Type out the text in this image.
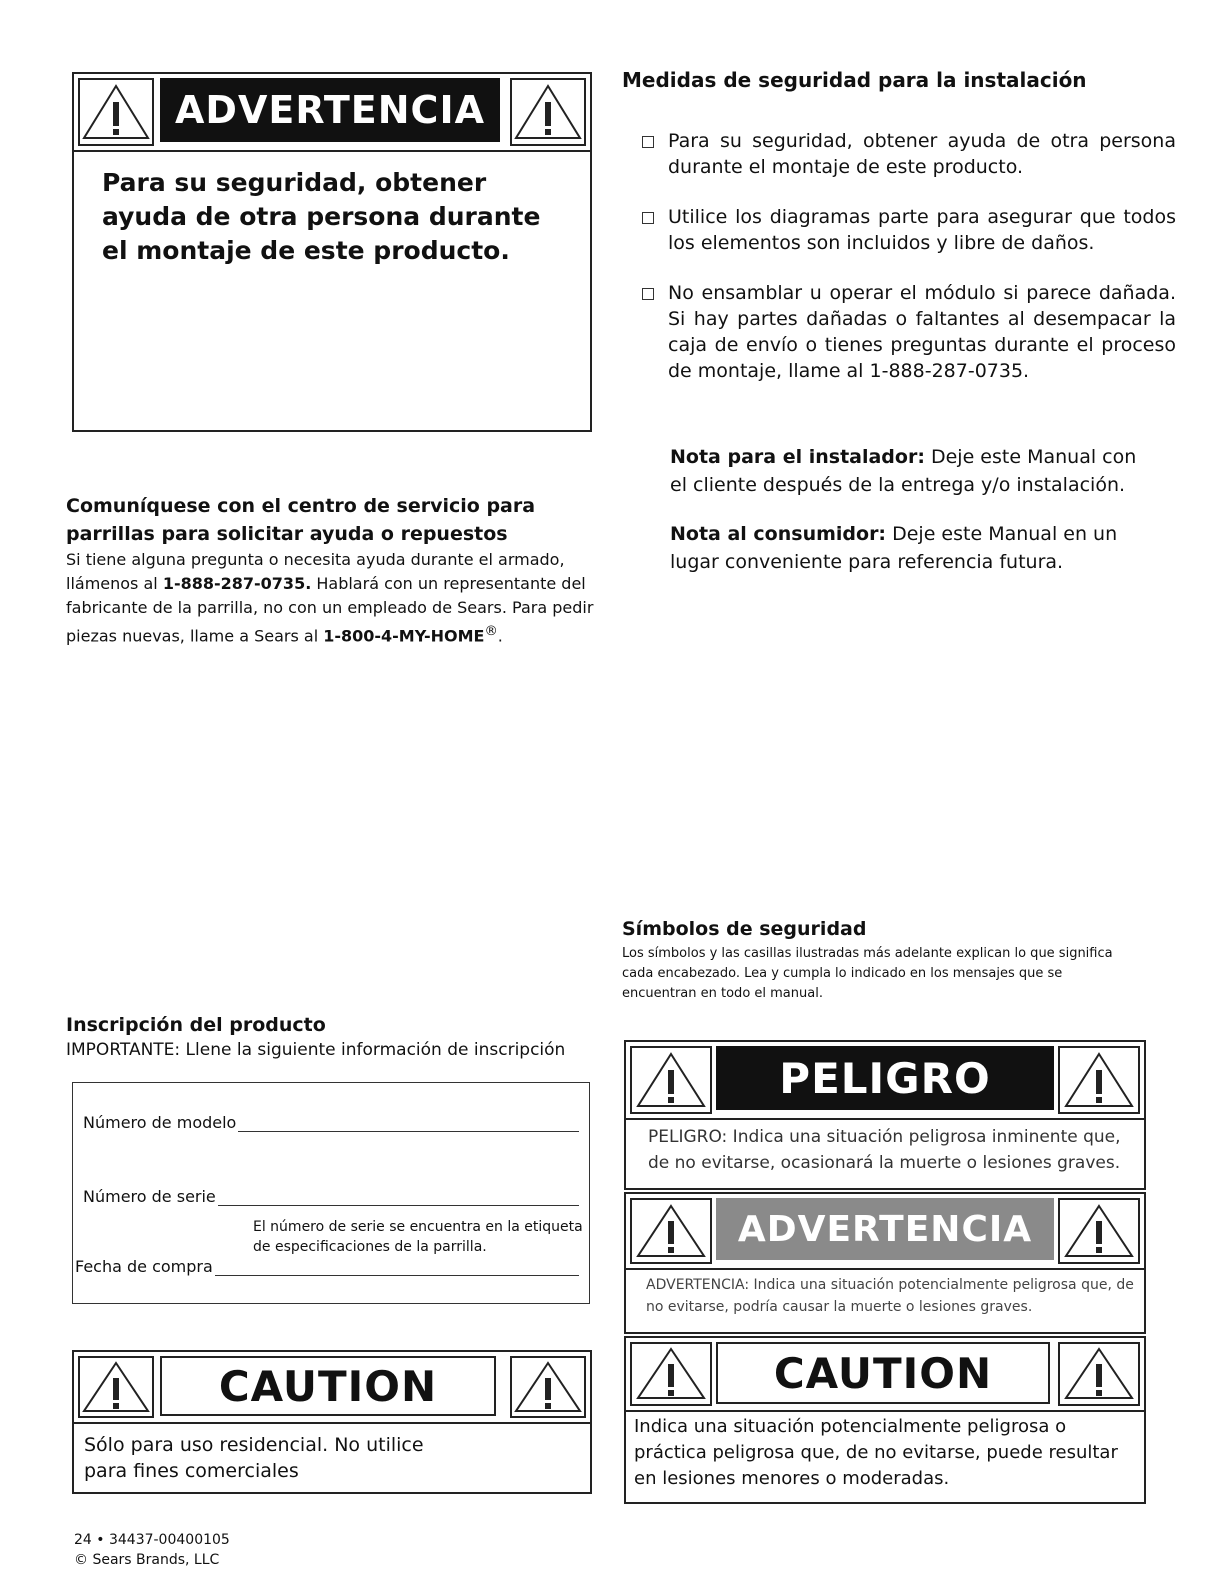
ADVERTENCIA

Para su seguridad, obtener ayuda de otra persona durante el montaje de este producto.

Medidas de seguridad para la instalación
Para su seguridad, obtener ayuda de otra persona durante el montaje de este producto.
Utilice los diagramas parte para asegurar que todos los elementos son incluidos y libre de daños.
No ensamblar u operar el módulo si parece dañada. Si hay partes dañadas o faltantes al desempacar la caja de envío o tienes preguntas durante el proceso de montaje, llame al 1-888-287-0735.

Nota para el instalador: Deje este Manual con el cliente después de la entrega y/o instalación.

Nota al consumidor: Deje este Manual en un lugar conveniente para referencia futura.

Comuníquese con el centro de servicio para parrillas para solicitar ayuda o repuestos

Si tiene alguna pregunta o necesita ayuda durante el armado, llámenos al 1-888-287-0735. Hablará con un representante del fabricante de la parrilla, no con un empleado de Sears. Para pedir piezas nuevas, llame a Sears al 1-800-4-MY-HOME®.

Inscripción del producto

IMPORTANTE: Llene la siguiente información de inscripción

Número de modelo
Número de serie

El número de serie se encuentra en la etiqueta de especificaciones de la parrilla.

Fecha de compra
CAUTION

Sólo para uso residencial. No utilice para fines comerciales

Símbolos de seguridad

Los símbolos y las casillas ilustradas más adelante explican lo que significa cada encabezado. Lea y cumpla lo indicado en los mensajes que se encuentran en todo el manual.

PELIGRO

PELIGRO: Indica una situación peligrosa inminente que, de no evitarse, ocasionará la muerte o lesiones graves.

ADVERTENCIA

ADVERTENCIA: Indica una situación potencialmente peligrosa que, de no evitarse, podría causar la muerte o lesiones graves.

CAUTION

Indica una situación potencialmente peligrosa o práctica peligrosa que, de no evitarse, puede resultar en lesiones menores o moderadas.

24 • 34437-00400105

© Sears Brands, LLC
